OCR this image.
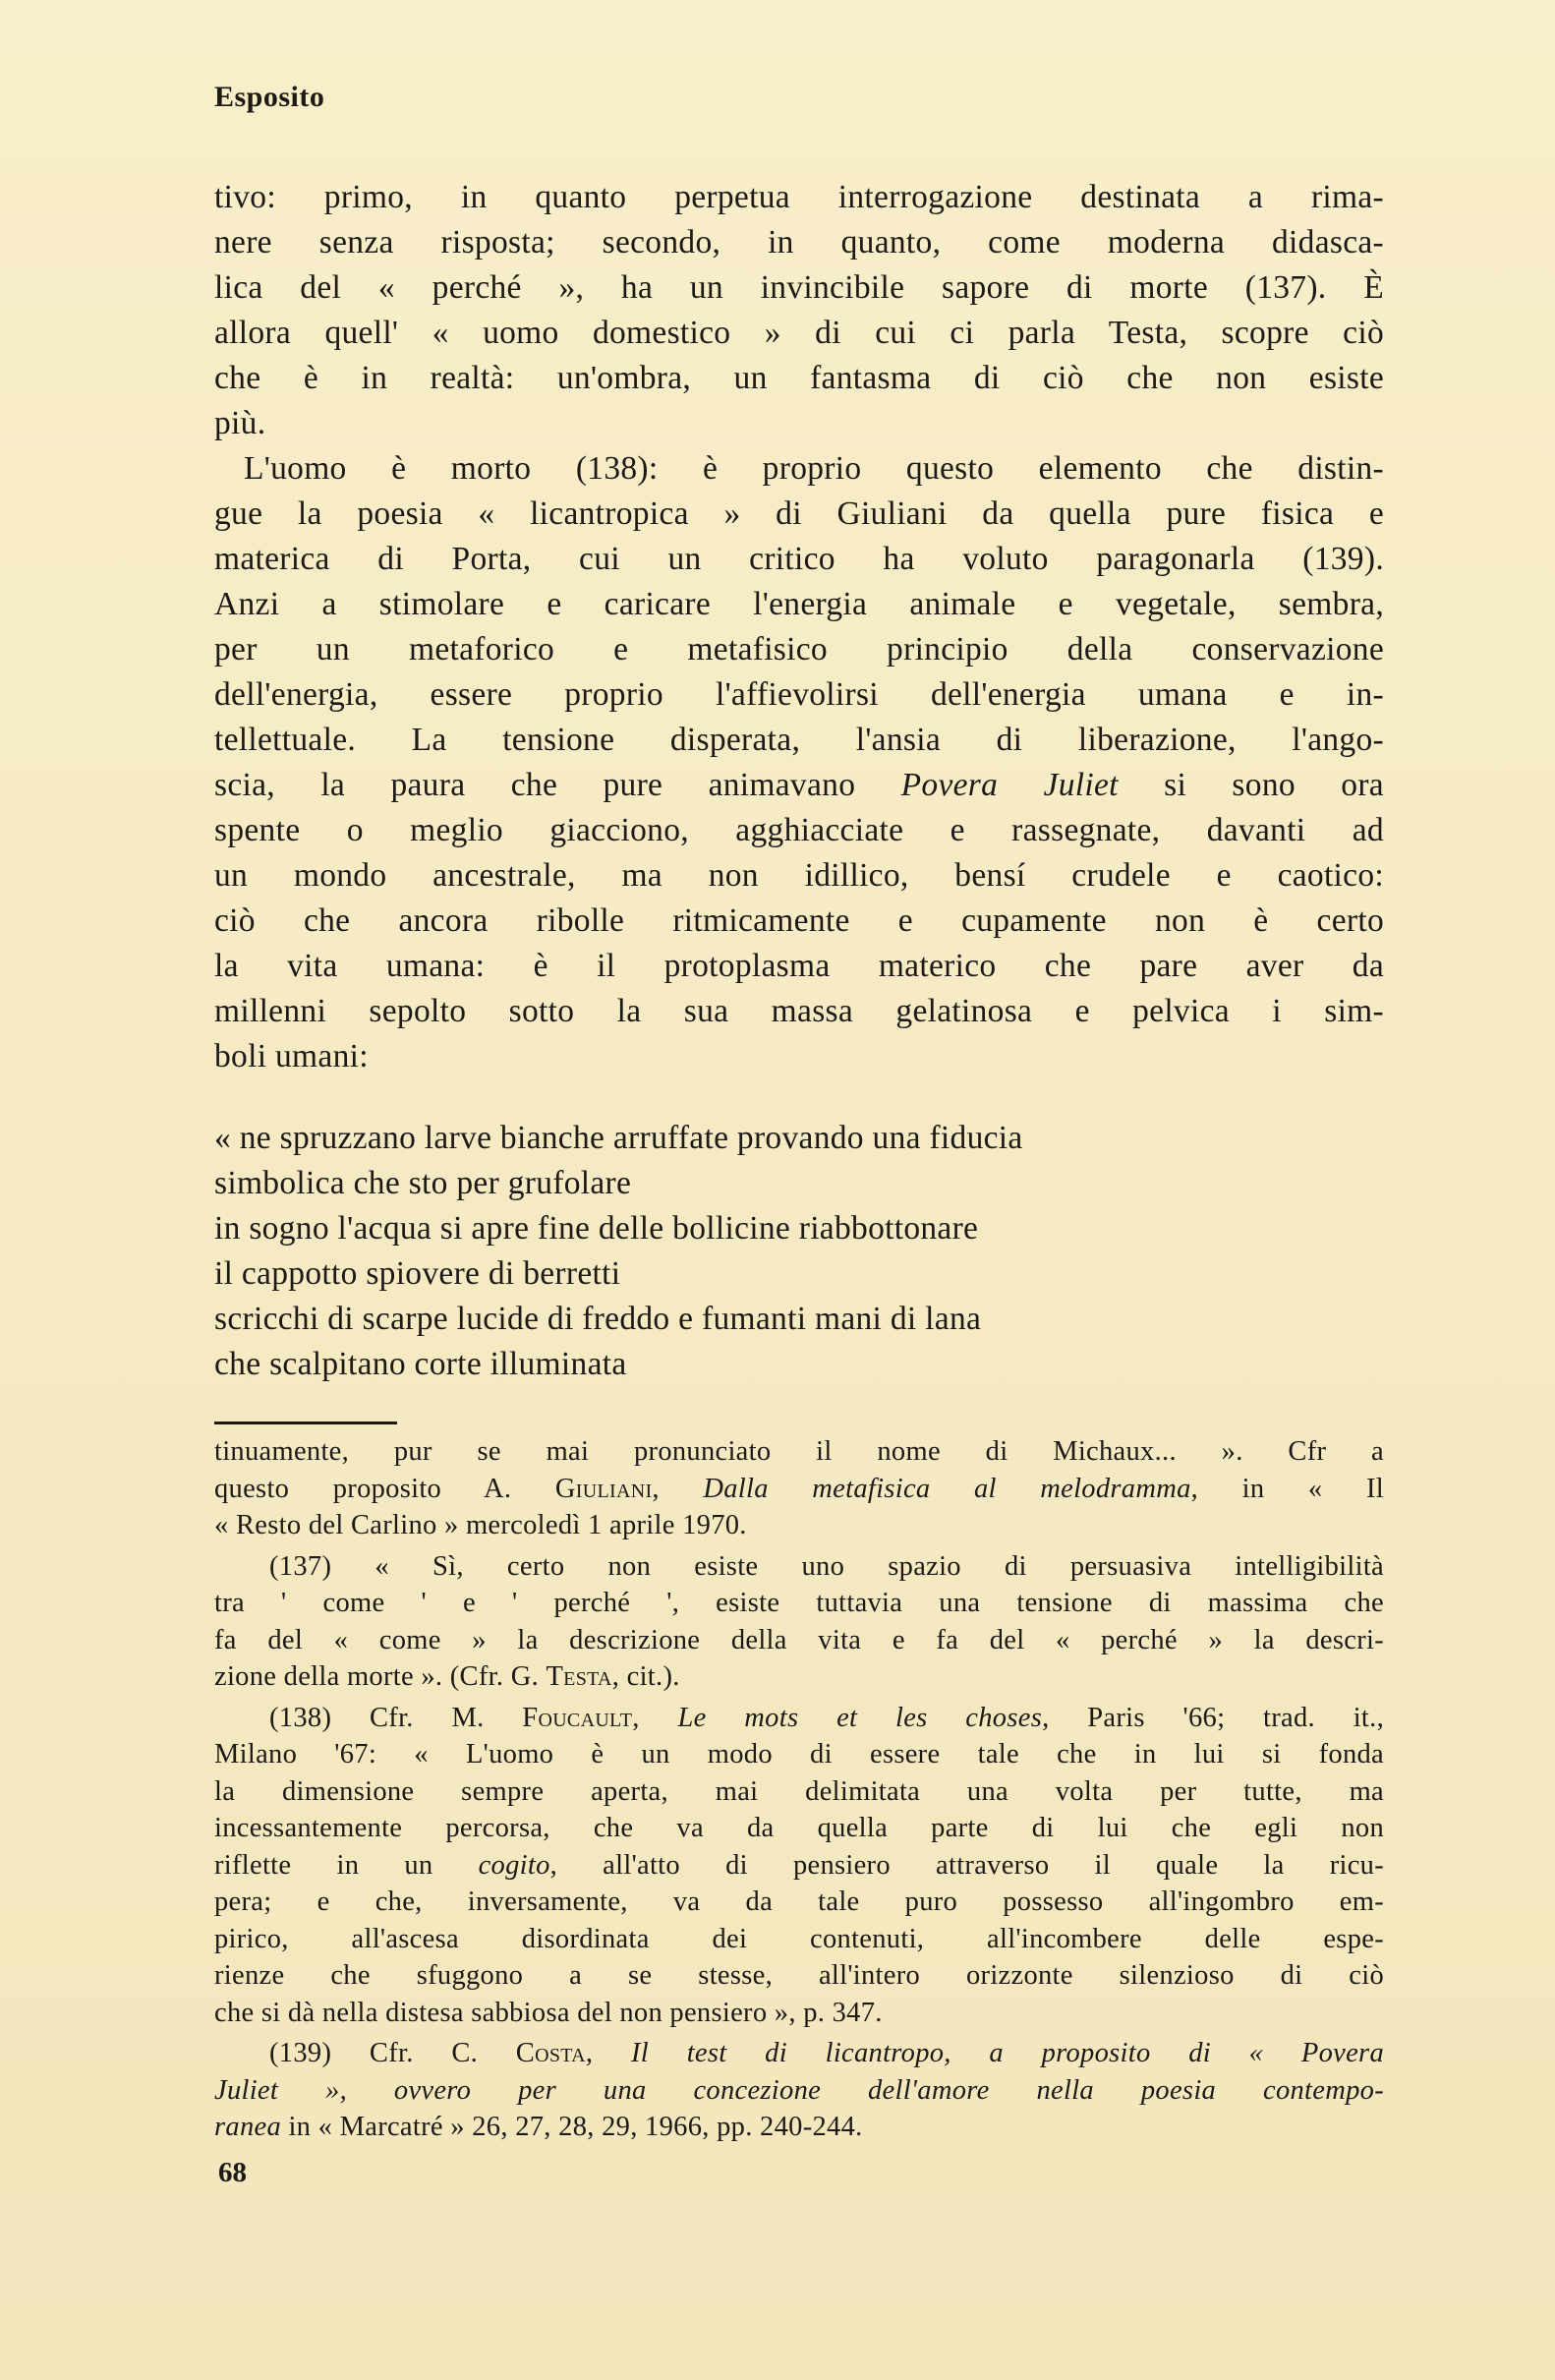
Esposito
tivo: primo, in quanto perpetua interrogazione destinata a rima-
nere senza risposta; secondo, in quanto, come moderna didasca-
lica del « perché », ha un invincibile sapore di morte (137). È
allora quell' « uomo domestico » di cui ci parla Testa, scopre ciò
che è in realtà: un'ombra, un fantasma di ciò che non esiste
più.
L'uomo è morto (138): è proprio questo elemento che distin-
gue la poesia « licantropica » di Giuliani da quella pure fisica e
materica di Porta, cui un critico ha voluto paragonarla (139).
Anzi a stimolare e caricare l'energia animale e vegetale, sembra,
per un metaforico e metafisico principio della conservazione
dell'energia, essere proprio l'affievolirsi dell'energia umana e in-
tellettuale. La tensione disperata, l'ansia di liberazione, l'ango-
scia, la paura che pure animavano Povera Juliet si sono ora
spente o meglio giacciono, agghiacciate e rassegnate, davanti ad
un mondo ancestrale, ma non idillico, bensí crudele e caotico:
ciò che ancora ribolle ritmicamente e cupamente non è certo
la vita umana: è il protoplasma materico che pare aver da
millenni sepolto sotto la sua massa gelatinosa e pelvica i sim-
boli umani:
« ne spruzzano larve bianche arruffate provando una fiducia
simbolica che sto per grufolare
in sogno l'acqua si apre fine delle bollicine riabbottonare
il cappotto spiovere di berretti
scricchi di scarpe lucide di freddo e fumanti mani di lana
che scalpitano corte illuminata
tinuamente, pur se mai pronunciato il nome di Michaux... ». Cfr a
questo proposito A. Giuliani, Dalla metafisica al melodramma, in « Il
« Resto del Carlino » mercoledì 1 aprile 1970.
(137) « Sì, certo non esiste uno spazio di persuasiva intelligibilità
tra ' come ' e ' perché ', esiste tuttavia una tensione di massima che
fa del « come » la descrizione della vita e fa del « perché » la descri-
zione della morte ». (Cfr. G. Testa, cit.).
(138) Cfr. M. Foucault, Le mots et les choses, Paris '66; trad. it.,
Milano '67: « L'uomo è un modo di essere tale che in lui si fonda
la dimensione sempre aperta, mai delimitata una volta per tutte, ma
incessantemente percorsa, che va da quella parte di lui che egli non
riflette in un cogito, all'atto di pensiero attraverso il quale la ricu-
pera; e che, inversamente, va da tale puro possesso all'ingombro em-
pirico, all'ascesa disordinata dei contenuti, all'incombere delle espe-
rienze che sfuggono a se stesse, all'intero orizzonte silenzioso di ciò
che si dà nella distesa sabbiosa del non pensiero », p. 347.
(139) Cfr. C. Costa, Il test di licantropo, a proposito di « Povera
Juliet », ovvero per una concezione dell'amore nella poesia contempo-
ranea in « Marcatré » 26, 27, 28, 29, 1966, pp. 240-244.
68
